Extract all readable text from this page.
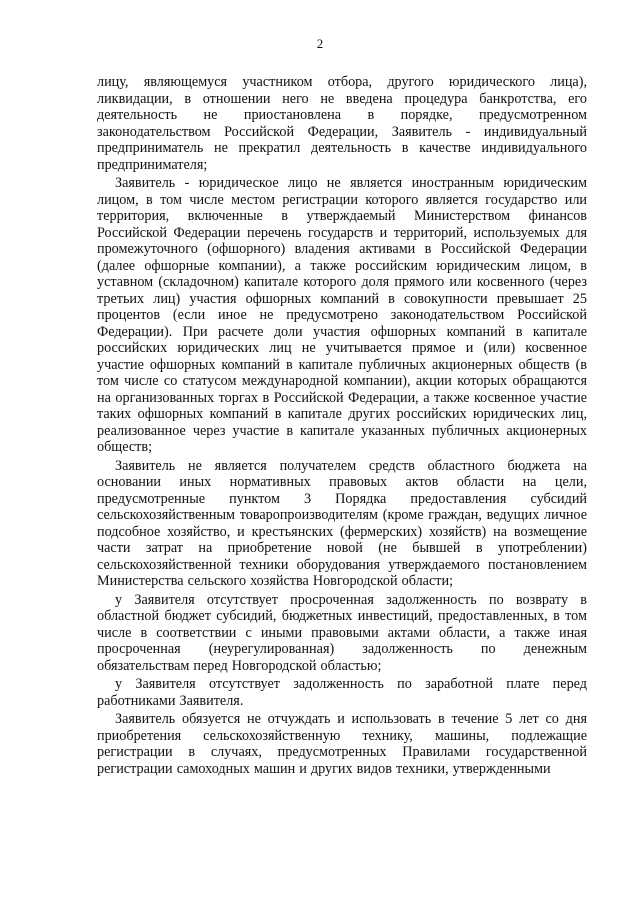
2

лицу, являющемуся участником отбора, другого юридического лица), ликвидации, в отношении него не введена процедура банкротства, его деятельность не приостановлена в порядке, предусмотренном законодательством Российской Федерации, Заявитель - индивидуальный предприниматель не прекратил деятельность в качестве индивидуального предпринимателя;

Заявитель - юридическое лицо не является иностранным юридическим лицом, в том числе местом регистрации которого является государство или территория, включенные в утверждаемый Министерством финансов Российской Федерации перечень государств и территорий, используемых для промежуточного (офшорного) владения активами в Российской Федерации (далее офшорные компании), а также российским юридическим лицом, в уставном (складочном) капитале которого доля прямого или косвенного (через третьих лиц) участия офшорных компаний в совокупности превышает 25 процентов (если иное не предусмотрено законодательством Российской Федерации). При расчете доли участия офшорных компаний в капитале российских юридических лиц не учитывается прямое и (или) косвенное участие офшорных компаний в капитале публичных акционерных обществ (в том числе со статусом международной компании), акции которых обращаются на организованных торгах в Российской Федерации, а также косвенное участие таких офшорных компаний в капитале других российских юридических лиц, реализованное через участие в капитале указанных публичных акционерных обществ;

Заявитель не является получателем средств областного бюджета на основании иных нормативных правовых актов области на цели, предусмотренные пунктом 3 Порядка предоставления субсидий сельскохозяйственным товаропроизводителям (кроме граждан, ведущих личное подсобное хозяйство, и крестьянских (фермерских) хозяйств) на возмещение части затрат на приобретение новой (не бывшей в употреблении) сельскохозяйственной техники оборудования утверждаемого постановлением Министерства сельского хозяйства Новгородской области;

у Заявителя отсутствует просроченная задолженность по возврату в областной бюджет субсидий, бюджетных инвестиций, предоставленных, в том числе в соответствии с иными правовыми актами области, а также иная просроченная (неурегулированная) задолженность по денежным обязательствам перед Новгородской областью;

у Заявителя отсутствует задолженность по заработной плате перед работниками Заявителя.

Заявитель обязуется не отчуждать и использовать в течение 5 лет со дня приобретения сельскохозяйственную технику, машины, подлежащие регистрации в случаях, предусмотренных Правилами государственной регистрации самоходных машин и других видов техники, утвержденными
